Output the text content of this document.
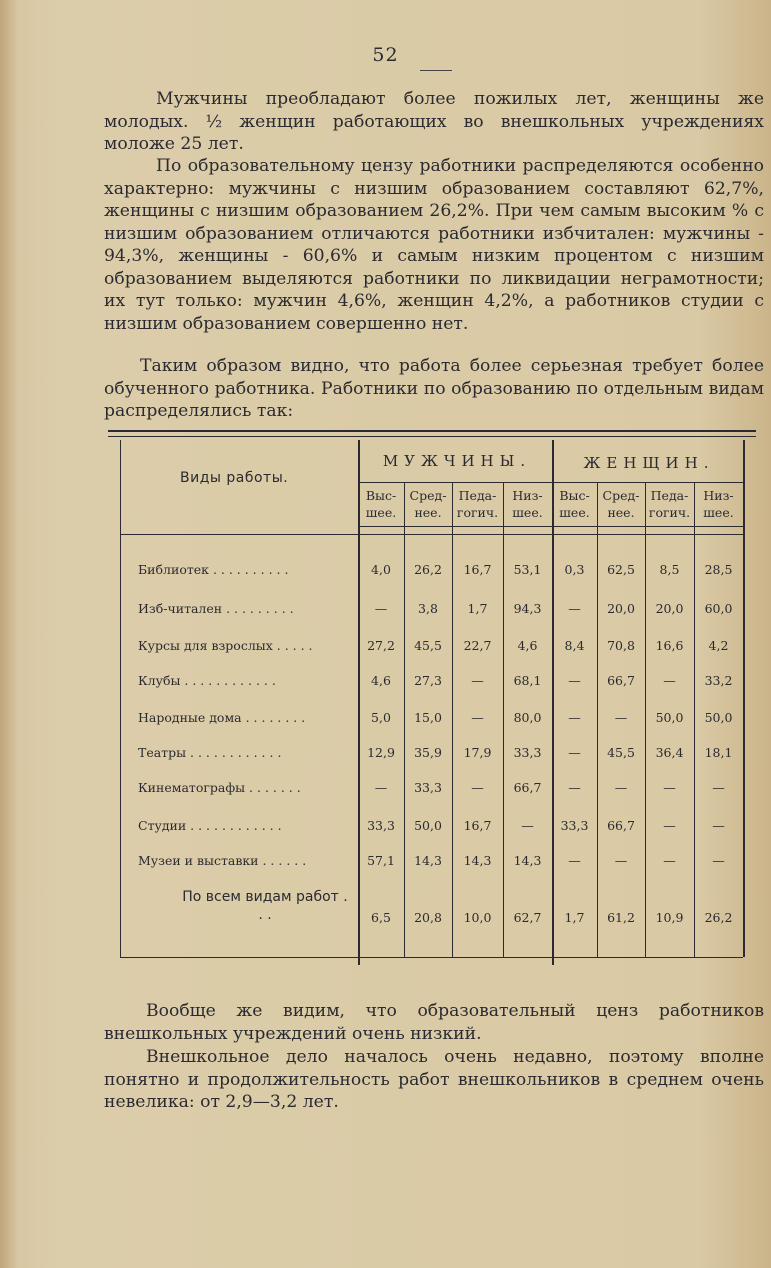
52

Мужчины преобладают более пожилых лет, женщины же молодых. ½ женщин работающих во внешкольных учреждениях моложе 25 лет.

По образовательному цензу работники распределяются особенно характерно: мужчины с низшим образованием составляют 62,7%, женщины с низшим образованием 26,2%. При чем самым высоким % с низшим образованием отличаются работники избчитален: мужчины - 94,3%, женщины - 60,6% и самым низким процентом с низшим образованием выделяются работники по ликвидации неграмотности; их тут только: мужчин 4,6%, женщин 4,2%, а работников студии с низшим образованием совершенно нет.

Таким образом видно, что работа более серьезная требует более обученного работника. Работники по образованию по отдельным видам распределялись так:

Виды работы.
МУЖЧИНЫ.	ЖЕНЩИН.
Выс-
шее.
Сред-
нее.
Педа-
гогич.
Низ-
шее.
Выс-
шее.
Сред-
нее.
Педа-
гогич.
Низ-
шее.
Библиотек . . . . . . . . . .	4,0	26,2	16,7	53,1	0,3	62,5	8,5	28,5
Изб-читален . . . . . . . . .	—	3,8	1,7	94,3	—	20,0	20,0	60,0
Курсы для взрослых . . . . .	27,2	45,5	22,7	4,6	8,4	70,8	16,6	4,2
Клубы . . . . . . . . . . . .	4,6	27,3	—	68,1	—	66,7	—	33,2
Народные дома . . . . . . . .	5,0	15,0	—	80,0	—	—	50,0	50,0
Театры . . . . . . . . . . . .	12,9	35,9	17,9	33,3	—	45,5	36,4	18,1
Кинематографы . . . . . . .	—	33,3	—	66,7	—	—	—	—
Студии . . . . . . . . . . . .	33,3	50,0	16,7	—	33,3	66,7	—	—
Музеи и выставки . . . . . .	57,1	14,3	14,3	14,3	—	—	—	—
По всем видам работ . . .	6,5	20,8	10,0	62,7	1,7	61,2	10,9	26,2

Вообще же видим, что образовательный ценз работников внешкольных учреждений очень низкий.

Внешкольное дело началось очень недавно, поэтому вполне понятно и продолжительность работ внешкольников в среднем очень невелика: от 2,9—3,2 лет.
